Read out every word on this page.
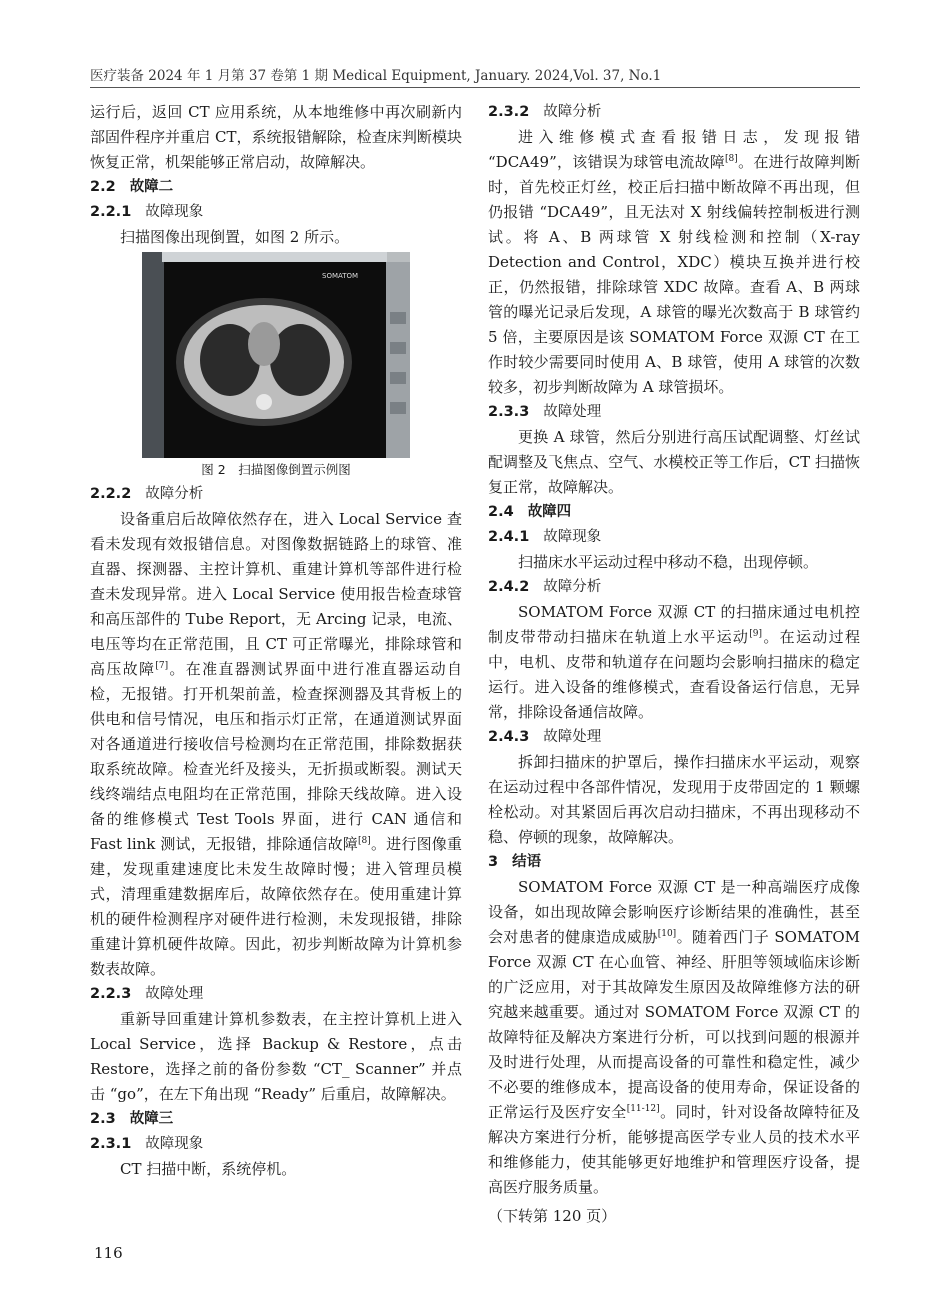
医疗装备 2024 年 1 月第 37 卷第 1 期 Medical Equipment, January. 2024,Vol. 37, No.1

运行后，返回 CT 应用系统，从本地维修中再次刷新内部固件程序并重启 CT，系统报错解除，检查床判断模块恢复正常，机架能够正常启动，故障解决。

2.2 故障二
2.2.1 故障现象

扫描图像出现倒置，如图 2 所示。

SOMATOM
图 2　扫描图像倒置示例图
2.2.2 故障分析

设备重启后故障依然存在，进入 Local Service 查看未发现有效报错信息。对图像数据链路上的球管、准直器、探测器、主控计算机、重建计算机等部件进行检查未发现异常。进入 Local Service 使用报告检查球管和高压部件的 Tube Report，无 Arcing 记录，电流、电压等均在正常范围，且 CT 可正常曝光，排除球管和高压故障[7]。在准直器测试界面中进行准直器运动自检，无报错。打开机架前盖，检查探测器及其背板上的供电和信号情况，电压和指示灯正常，在通道测试界面对各通道进行接收信号检测均在正常范围，排除数据获取系统故障。检查光纤及接头，无折损或断裂。测试天线终端结点电阻均在正常范围，排除天线故障。进入设备的维修模式 Test Tools 界面，进行 CAN 通信和 Fast link 测试，无报错，排除通信故障[8]。进行图像重建，发现重建速度比未发生故障时慢；进入管理员模式，清理重建数据库后，故障依然存在。使用重建计算机的硬件检测程序对硬件进行检测，未发现报错，排除重建计算机硬件故障。因此，初步判断故障为计算机参数表故障。

2.2.3 故障处理

重新导回重建计算机参数表，在主控计算机上进入 Local Service，选择 Backup & Restore，点击 Restore，选择之前的备份参数 “CT_ Scanner” 并点击 “go”，在左下角出现 “Ready” 后重启，故障解决。

2.3 故障三
2.3.1 故障现象

CT 扫描中断，系统停机。

2.3.2 故障分析

进入维修模式查看报错日志，发现报错 “DCA49”，该错误为球管电流故障[8]。在进行故障判断时，首先校正灯丝，校正后扫描中断故障不再出现，但仍报错 “DCA49”，且无法对 X 射线偏转控制板进行测试。将 A、B 两球管 X 射线检测和控制（X-ray Detection and Control，XDC）模块互换并进行校正，仍然报错，排除球管 XDC 故障。查看 A、B 两球管的曝光记录后发现，A 球管的曝光次数高于 B 球管约 5 倍，主要原因是该 SOMATOM Force 双源 CT 在工作时较少需要同时使用 A、B 球管，使用 A 球管的次数较多，初步判断故障为 A 球管损坏。

2.3.3 故障处理

更换 A 球管，然后分别进行高压试配调整、灯丝试配调整及飞焦点、空气、水模校正等工作后，CT 扫描恢复正常，故障解决。

2.4 故障四
2.4.1 故障现象

扫描床水平运动过程中移动不稳，出现停顿。

2.4.2 故障分析

SOMATOM Force 双源 CT 的扫描床通过电机控制皮带带动扫描床在轨道上水平运动[9]。在运动过程中，电机、皮带和轨道存在问题均会影响扫描床的稳定运行。进入设备的维修模式，查看设备运行信息，无异常，排除设备通信故障。

2.4.3 故障处理

拆卸扫描床的护罩后，操作扫描床水平运动，观察在运动过程中各部件情况，发现用于皮带固定的 1 颗螺栓松动。对其紧固后再次启动扫描床，不再出现移动不稳、停顿的现象，故障解决。

3 结语

SOMATOM Force 双源 CT 是一种高端医疗成像设备，如出现故障会影响医疗诊断结果的准确性，甚至会对患者的健康造成威胁[10]。随着西门子 SOMATOM Force 双源 CT 在心血管、神经、肝胆等领域临床诊断的广泛应用，对于其故障发生原因及故障维修方法的研究越来越重要。通过对 SOMATOM Force 双源 CT 的故障特征及解决方案进行分析，可以找到问题的根源并及时进行处理，从而提高设备的可靠性和稳定性，减少不必要的维修成本，提高设备的使用寿命，保证设备的正常运行及医疗安全[11-12]。同时，针对设备故障特征及解决方案进行分析，能够提高医学专业人员的技术水平和维修能力，使其能够更好地维护和管理医疗设备，提高医疗服务质量。

（下转第 120 页）

116
